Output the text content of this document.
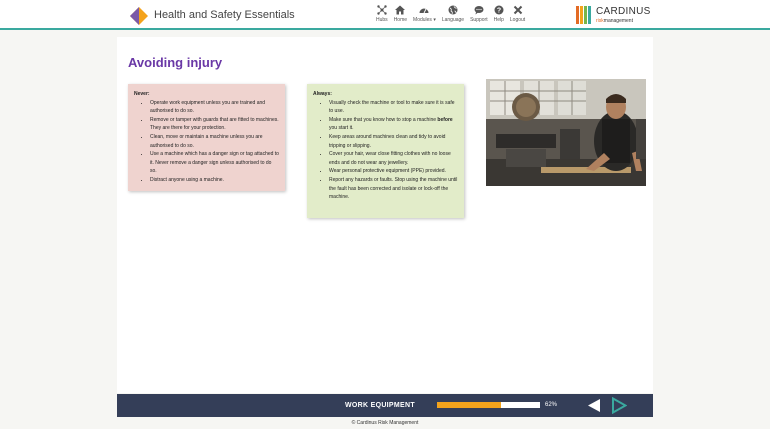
Health and Safety Essentials	Hubs Home Modules ▾ Language Support
?
Help Logout
CARDINUS
riskmanagement
Avoiding injury
Never:
• Operate work equipment unless you are trained and authorised to do so.
• Remove or tamper with guards that are fitted to machines. They are there for your protection.
• Clean, move or maintain a machine unless you are authorised to do so.
• Use a machine which has a danger sign or tag attached to it. Never remove a danger sign unless authorised to do so.
• Distract anyone using a machine.
Always:
• Visually check the machine or tool to make sure it is safe to use.
• Make sure that you know how to stop a machine before you start it.
• Keep areas around machines clean and tidy to avoid tripping or slipping.
• Cover your hair, wear close fitting clothes with no loose ends and do not wear any jewellery.
• Wear personal protective equipment (PPE) provided.
• Report any hazards or faults. Stop using the machine until the fault has been corrected and isolate or lock-off the machine.
WORK EQUIPMENT	62%
© Cardinus Risk Management
